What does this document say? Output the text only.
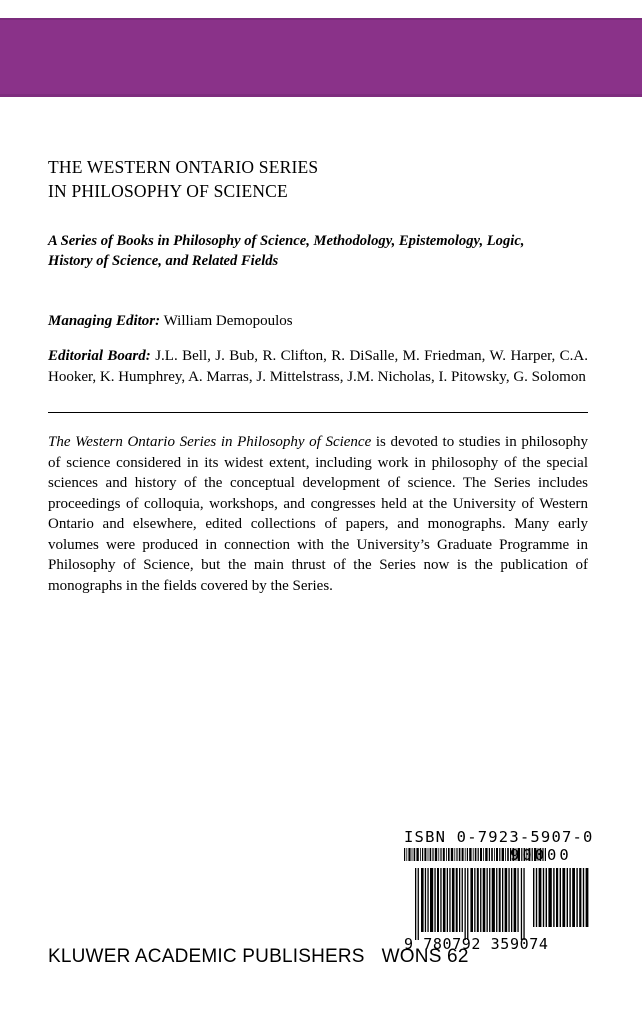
THE WESTERN ONTARIO SERIES
IN PHILOSOPHY OF SCIENCE
A Series of Books in Philosophy of Science, Methodology, Epistemology, Logic,
History of Science, and Related Fields
Managing Editor: William Demopoulos
Editorial Board: J.L. Bell, J. Bub, R. Clifton, R. DiSalle, M. Friedman, W. Harper, C.A. Hooker, K. Humphrey, A. Marras, J. Mittelstrass, J.M. Nicholas, I. Pitowsky, G. Solomon
The Western Ontario Series in Philosophy of Science is devoted to studies in philosophy of science considered in its widest extent, including work in philosophy of the special sciences and history of the conceptual development of science. The Series includes proceedings of colloquia, workshops, and congresses held at the University of Western Ontario and elsewhere, edited collections of papers, and monographs. Many early volumes were produced in connection with the University’s Graduate Programme in Philosophy of Science, but the main thrust of the Series now is the publication of monographs in the fields covered by the Series.
ISBN 0-7923-5907-0
90000
9 780792 359074
KLUWER ACADEMIC PUBLISHERS WONS 62
